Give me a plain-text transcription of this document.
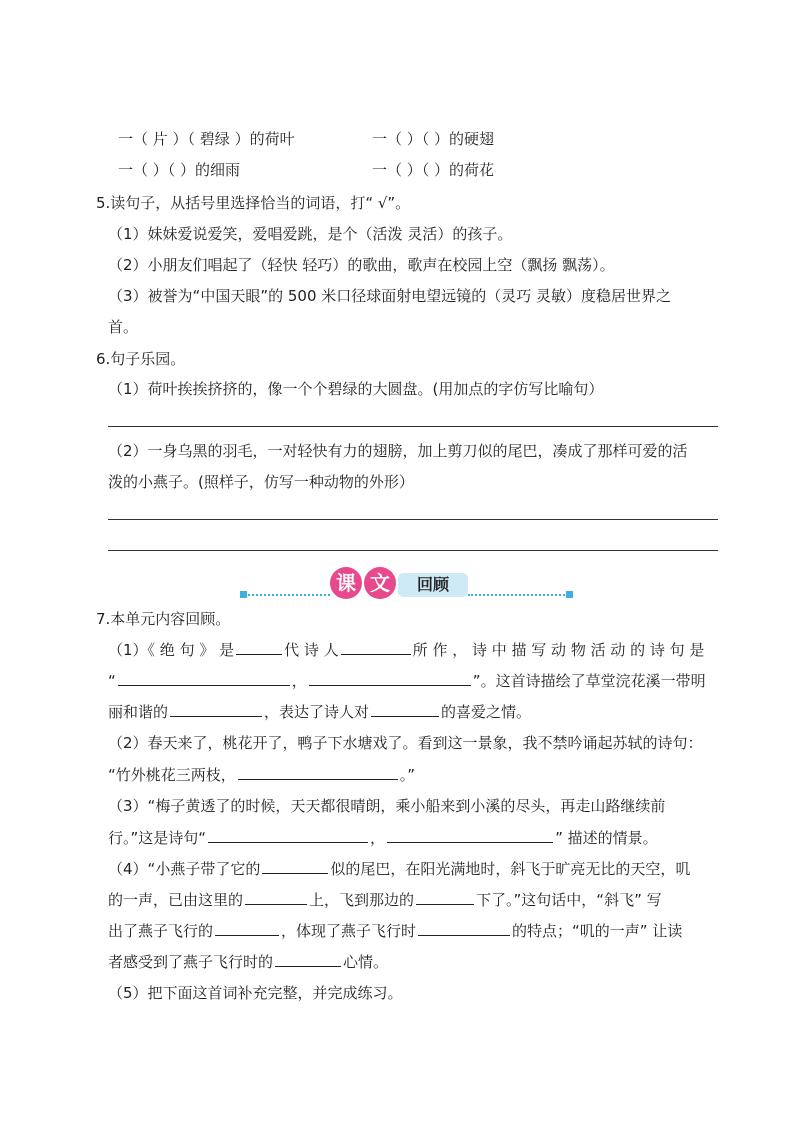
一（ 片 ）（ 碧绿 ）的荷叶	一（ ）（ ）的硬翅
一（ ）（ ）的细雨	一（ ）（ ）的荷花
5.读句子，从括号里选择恰当的词语，打“ √”。
（1）妹妹爱说爱笑，爱唱爱跳，是个（活泼 灵活）的孩子。
（2）小朋友们唱起了（轻快 轻巧）的歌曲，歌声在校园上空（飘扬 飘荡）。
（3）被誉为“中国天眼”的 500 米口径球面射电望远镜的（灵巧 灵敏）度稳居世界之
首。
6.句子乐园。
（1）荷叶挨挨挤挤的，像一个个碧绿的大圆盘。(用加点的字仿写比喻句）
（2）一身乌黑的羽毛，一对轻快有力的翅膀，加上剪刀似的尾巴，凑成了那样可爱的活
泼的小燕子。(照样子，仿写一种动物的外形）
课 文	回顾
7.本单元内容回顾。
（1）《 绝 句 》 是	代 诗 人	所 作 ， 诗 中 描 写 动 物 活 动 的 诗 句 是
“	，	”。这首诗描绘了草堂浣花溪一带明
丽和谐的	，表达了诗人对	的喜爱之情。
（2）春天来了，桃花开了，鸭子下水塘戏了。看到这一景象，我不禁吟诵起苏轼的诗句：
“竹外桃花三两枝，	。”
（3）“梅子黄透了的时候，天天都很晴朗，乘小船来到小溪的尽头，再走山路继续前
行。”这是诗句“	，	” 描述的情景。
（4）“小燕子带了它的	似的尾巴，在阳光满地时，斜飞于旷亮无比的天空，叽
的一声，已由这里的	上，飞到那边的	下了。”这句话中，“斜飞” 写
出了燕子飞行的	，体现了燕子飞行时	的特点；“叽的一声” 让读
者感受到了燕子飞行时的	心情。
（5）把下面这首词补充完整，并完成练习。
